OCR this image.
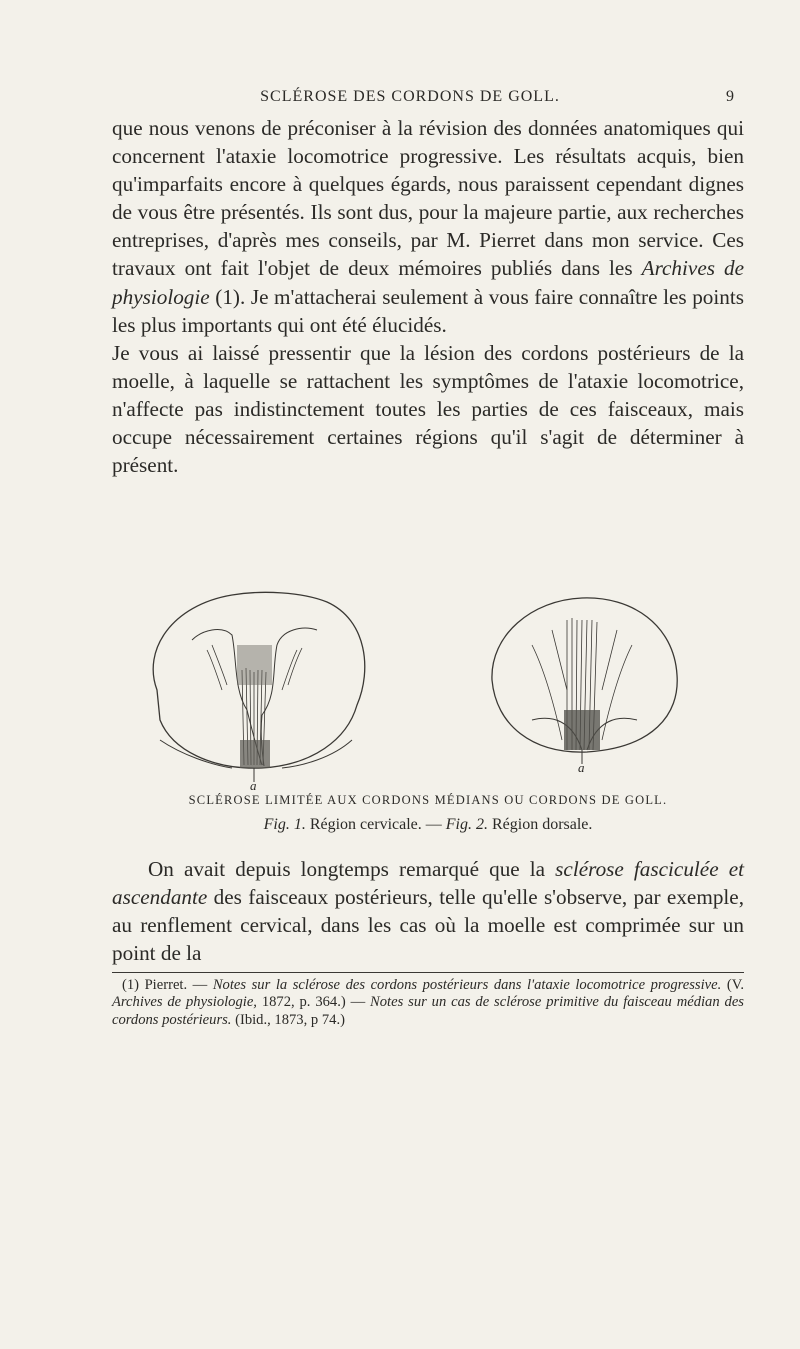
SCLÉROSE DES CORDONS DE GOLL.	9

que nous venons de préconiser à la révision des données anatomiques qui concernent l'ataxie locomotrice progressive. Les résultats acquis, bien qu'imparfaits encore à quelques égards, nous paraissent cependant dignes de vous être présentés. Ils sont dus, pour la majeure partie, aux recherches entreprises, d'après mes conseils, par M. Pierret dans mon service. Ces travaux ont fait l'objet de deux mémoires publiés dans les Archives de physiologie (1). Je m'attacherai seulement à vous faire connaître les points les plus importants qui ont été élucidés.

Je vous ai laissé pressentir que la lésion des cordons postérieurs de la moelle, à laquelle se rattachent les symptômes de l'ataxie locomotrice, n'affecte pas indistinctement toutes les parties de ces faisceaux, mais occupe nécessairement certaines régions qu'il s'agit de déterminer à présent.

a
a
SCLÉROSE LIMITÉE AUX CORDONS MÉDIANS OU CORDONS DE GOLL.
Fig. 1. Région cervicale. — Fig. 2. Région dorsale.

On avait depuis longtemps remarqué que la sclérose fasciculée et ascendante des faisceaux postérieurs, telle qu'elle s'observe, par exemple, au renflement cervical, dans les cas où la moelle est comprimée sur un point de la

(1) Pierret. — Notes sur la sclérose des cordons postérieurs dans l'ataxie locomotrice progressive. (V. Archives de physiologie, 1872, p. 364.) — Notes sur un cas de sclérose primitive du faisceau médian des cordons postérieurs. (Ibid., 1873, p 74.)
